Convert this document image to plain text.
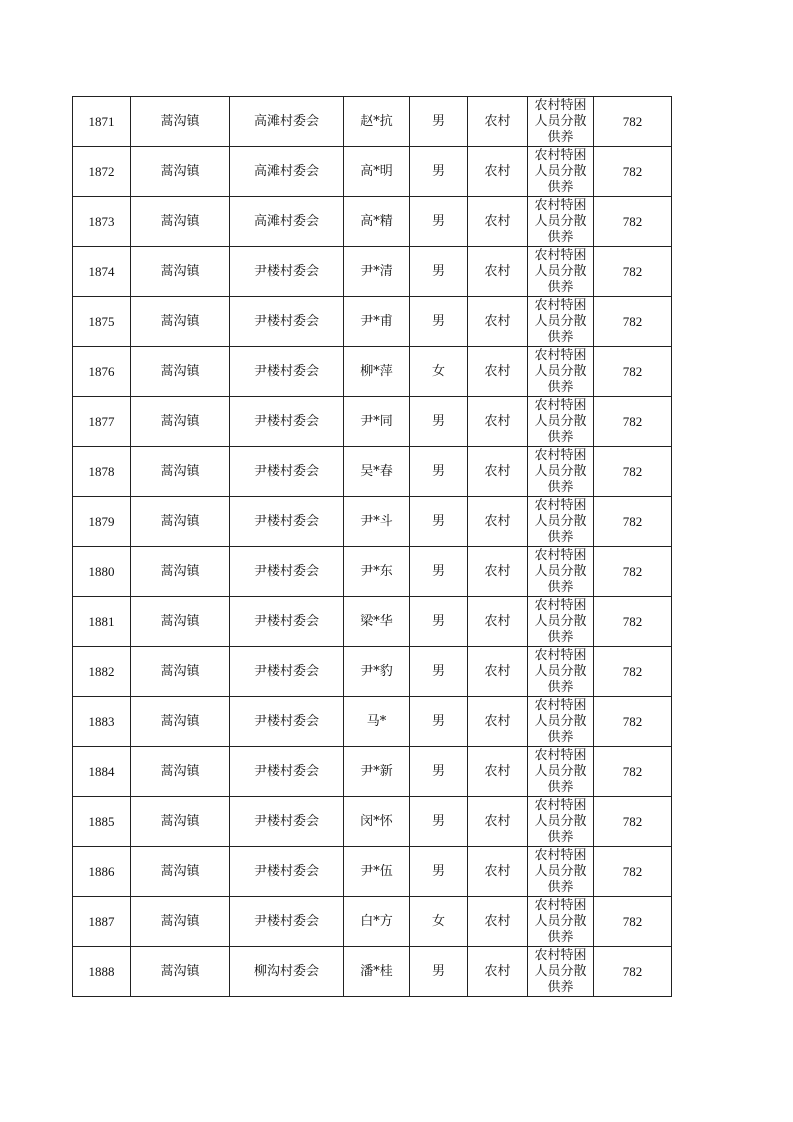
1871	蒿沟镇	高滩村委会	赵*抗	男	农村	农村特困人员分散供养	782
1872	蒿沟镇	高滩村委会	高*明	男	农村	农村特困人员分散供养	782
1873	蒿沟镇	高滩村委会	高*精	男	农村	农村特困人员分散供养	782
1874	蒿沟镇	尹楼村委会	尹*清	男	农村	农村特困人员分散供养	782
1875	蒿沟镇	尹楼村委会	尹*甫	男	农村	农村特困人员分散供养	782
1876	蒿沟镇	尹楼村委会	柳*萍	女	农村	农村特困人员分散供养	782
1877	蒿沟镇	尹楼村委会	尹*同	男	农村	农村特困人员分散供养	782
1878	蒿沟镇	尹楼村委会	吴*春	男	农村	农村特困人员分散供养	782
1879	蒿沟镇	尹楼村委会	尹*斗	男	农村	农村特困人员分散供养	782
1880	蒿沟镇	尹楼村委会	尹*东	男	农村	农村特困人员分散供养	782
1881	蒿沟镇	尹楼村委会	梁*华	男	农村	农村特困人员分散供养	782
1882	蒿沟镇	尹楼村委会	尹*豹	男	农村	农村特困人员分散供养	782
1883	蒿沟镇	尹楼村委会	马*	男	农村	农村特困人员分散供养	782
1884	蒿沟镇	尹楼村委会	尹*新	男	农村	农村特困人员分散供养	782
1885	蒿沟镇	尹楼村委会	闵*怀	男	农村	农村特困人员分散供养	782
1886	蒿沟镇	尹楼村委会	尹*伍	男	农村	农村特困人员分散供养	782
1887	蒿沟镇	尹楼村委会	白*方	女	农村	农村特困人员分散供养	782
1888	蒿沟镇	柳沟村委会	潘*桂	男	农村	农村特困人员分散供养	782
